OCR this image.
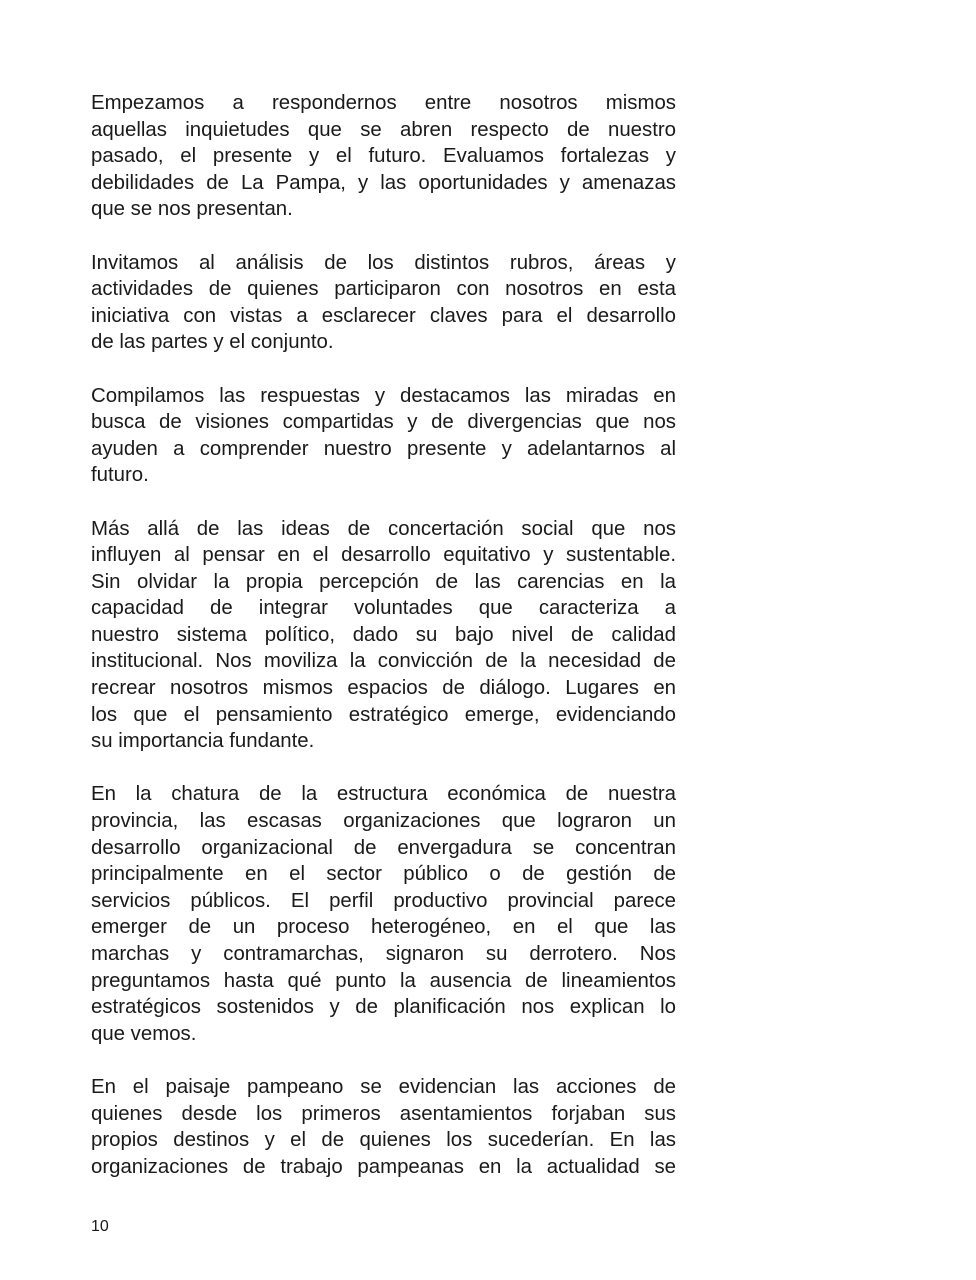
Empezamos a respondernos entre nosotros mismos
aquellas inquietudes que se abren respecto de nuestro
pasado, el presente y el futuro. Evaluamos fortalezas y
debilidades de La Pampa, y las oportunidades y amenazas
que se nos presentan.

Invitamos al análisis de los distintos rubros, áreas y
actividades de quienes participaron con nosotros en esta
iniciativa con vistas a esclarecer claves para el desarrollo
de las partes y el conjunto.

Compilamos las respuestas y destacamos las miradas en
busca de visiones compartidas y de divergencias que nos
ayuden a comprender nuestro presente y adelantarnos al
futuro.

Más allá de las ideas de concertación social que nos
influyen al pensar en el desarrollo equitativo y sustentable.
Sin olvidar la propia percepción de las carencias en la
capacidad de integrar voluntades que caracteriza a
nuestro sistema político, dado su bajo nivel de calidad
institucional. Nos moviliza la convicción de la necesidad de
recrear nosotros mismos espacios de diálogo. Lugares en
los que el pensamiento estratégico emerge, evidenciando
su importancia fundante.

En la chatura de la estructura económica de nuestra
provincia, las escasas organizaciones que lograron un
desarrollo organizacional de envergadura se concentran
principalmente en el sector público o de gestión de
servicios públicos. El perfil productivo provincial parece
emerger de un proceso heterogéneo, en el que las
marchas y contramarchas, signaron su derrotero. Nos
preguntamos hasta qué punto la ausencia de lineamientos
estratégicos sostenidos y de planificación nos explican lo
que vemos.

En el paisaje pampeano se evidencian las acciones de
quienes desde los primeros asentamientos forjaban sus
propios destinos y el de quienes los sucederían. En las
organizaciones de trabajo pampeanas en la actualidad se

10
